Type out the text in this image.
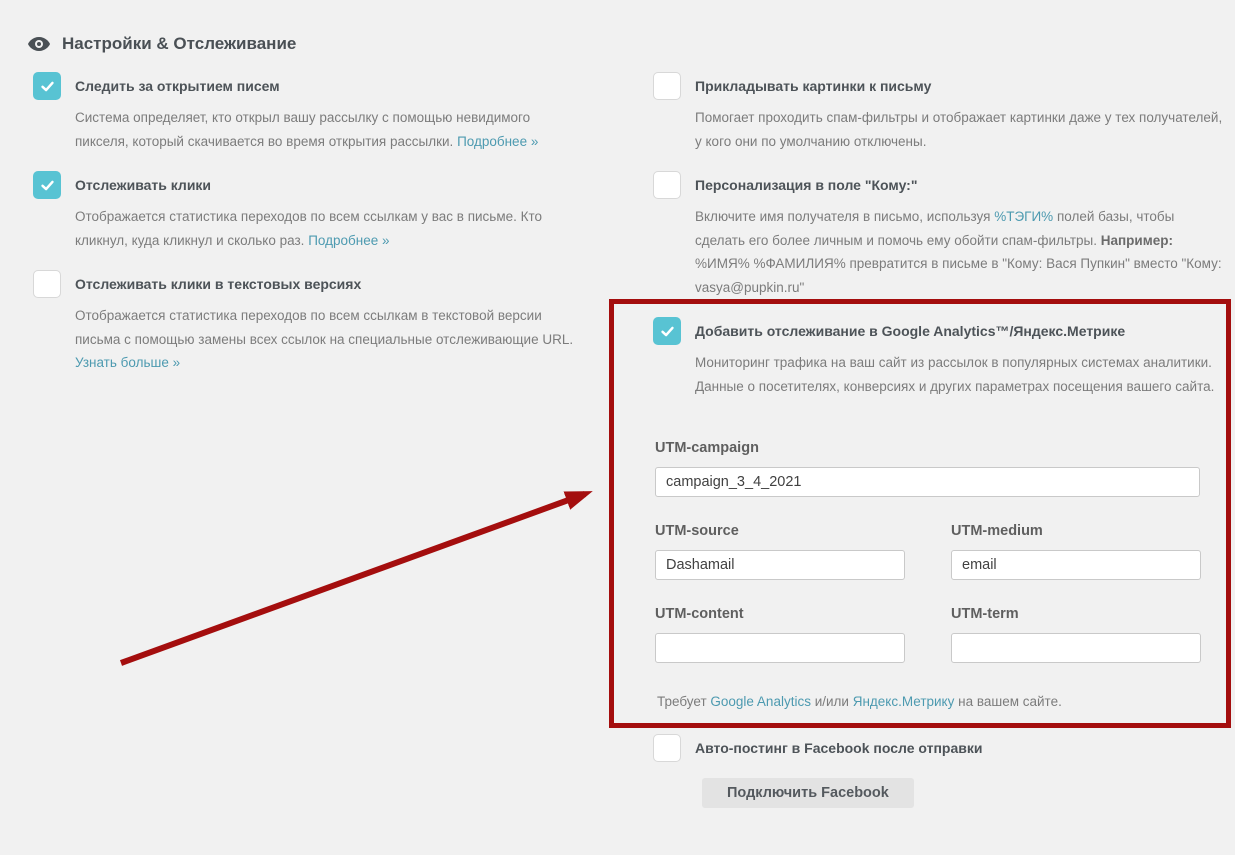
Настройки & Отслеживание
Следить за открытием писем

Система определяет, кто открыл вашу рассылку с помощью невидимого пикселя, который скачивается во время открытия рассылки. Подробнее »

Отслеживать клики

Отображается статистика переходов по всем ссылкам у вас в письме. Кто кликнул, куда кликнул и сколько раз. Подробнее »

Отслеживать клики в текстовых версиях

Отображается статистика переходов по всем ссылкам в текстовой версии письма с помощью замены всех ссылок на специальные отслеживающие URL. Узнать больше »

Прикладывать картинки к письму

Помогает проходить спам-фильтры и отображает картинки даже у тех получателей, у кого они по умолчанию отключены.

Персонализация в поле "Кому:"

Включите имя получателя в письмо, используя %ТЭГИ% полей базы, чтобы сделать его более личным и помочь ему обойти спам-фильтры. Например: %ИМЯ% %ФАМИЛИЯ% превратится в письме в "Кому: Вася Пупкин" вместо "Кому: vasya@pupkin.ru"

Добавить отслеживание в Google Analytics™/Яндекс.Метрике

Мониторинг трафика на ваш сайт из рассылок в популярных системах аналитики. Данные о посетителях, конверсиях и других параметрах посещения вашего сайта.

UTM-campaign
campaign_3_4_2021
UTM-source
Dashamail	UTM-medium
email
UTM-content	UTM-term
Требует Google Analytics и/или Яндекс.Метрику на вашем сайте.
Авто-постинг в Facebook после отправки
Подключить Facebook
